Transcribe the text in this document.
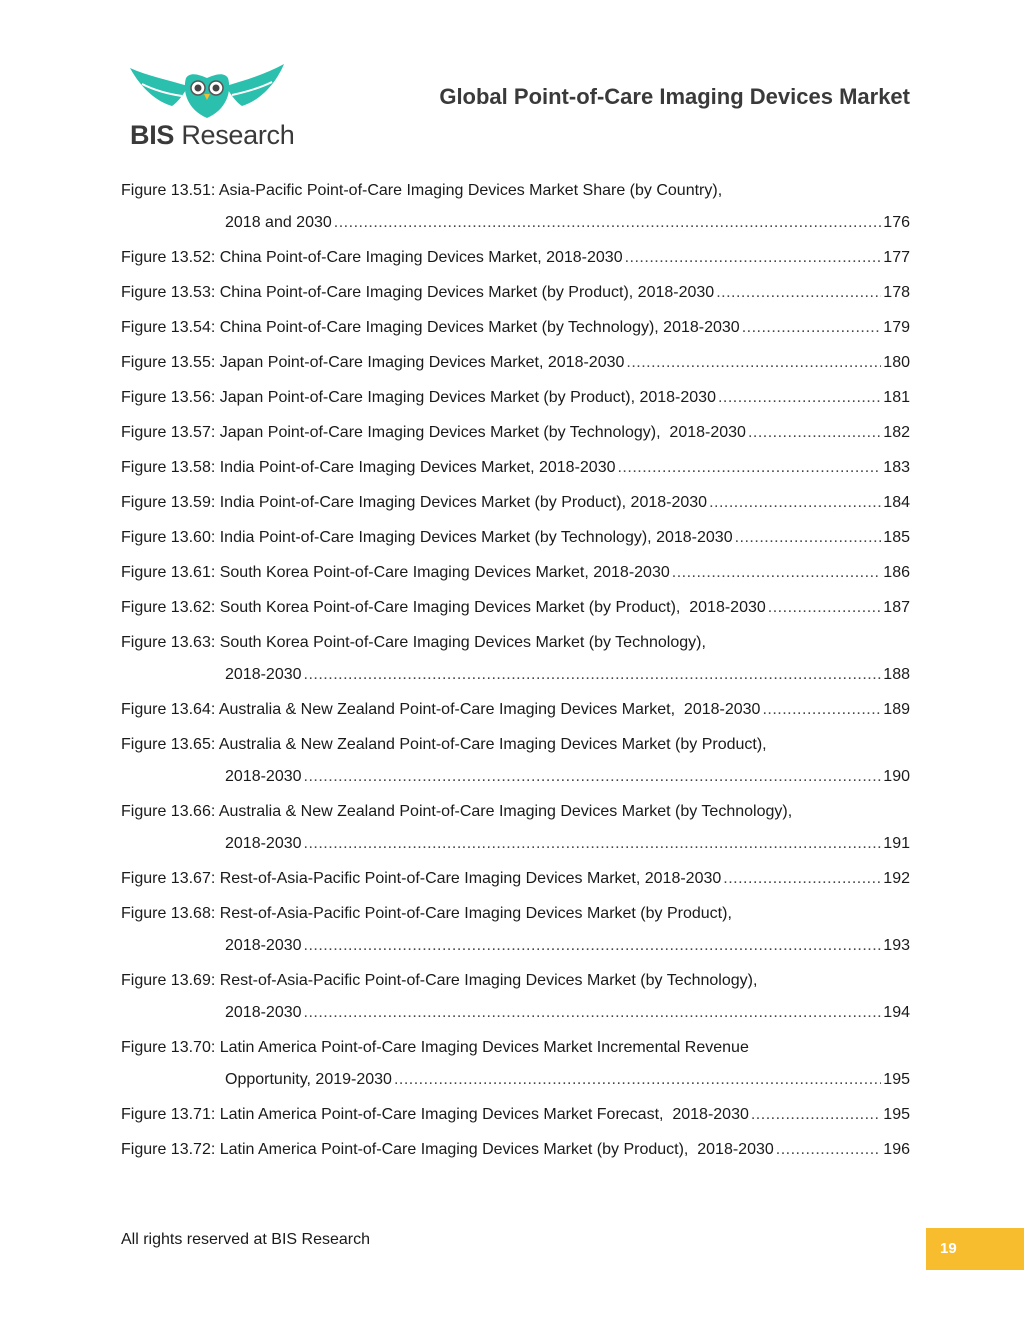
BIS Research
Global Point-of-Care Imaging Devices Market
Figure 13.51: Asia-Pacific Point-of-Care Imaging Devices Market Share (by Country),
2018 and 2030 .....	176
Figure 13.52: China Point-of-Care Imaging Devices Market, 2018-2030 .....	177
Figure 13.53: China Point-of-Care Imaging Devices Market (by Product), 2018-2030 .....	178
Figure 13.54: China Point-of-Care Imaging Devices Market (by Technology), 2018-2030 .....	179
Figure 13.55: Japan Point-of-Care Imaging Devices Market, 2018-2030 .....	180
Figure 13.56: Japan Point-of-Care Imaging Devices Market (by Product), 2018-2030 .....	181
Figure 13.57: Japan Point-of-Care Imaging Devices Market (by Technology),  2018-2030 .....	182
Figure 13.58: India Point-of-Care Imaging Devices Market, 2018-2030 .....	183
Figure 13.59: India Point-of-Care Imaging Devices Market (by Product), 2018-2030 .....	184
Figure 13.60: India Point-of-Care Imaging Devices Market (by Technology), 2018-2030 .....	185
Figure 13.61: South Korea Point-of-Care Imaging Devices Market, 2018-2030 .....	186
Figure 13.62: South Korea Point-of-Care Imaging Devices Market (by Product),  2018-2030 .....	187
Figure 13.63: South Korea Point-of-Care Imaging Devices Market (by Technology),
2018-2030 .....	188
Figure 13.64: Australia & New Zealand Point-of-Care Imaging Devices Market,  2018-2030 .....	189
Figure 13.65: Australia & New Zealand Point-of-Care Imaging Devices Market (by Product),
2018-2030 .....	190
Figure 13.66: Australia & New Zealand Point-of-Care Imaging Devices Market (by Technology),
2018-2030 .....	191
Figure 13.67: Rest-of-Asia-Pacific Point-of-Care Imaging Devices Market, 2018-2030 .....	192
Figure 13.68: Rest-of-Asia-Pacific Point-of-Care Imaging Devices Market (by Product),
2018-2030 .....	193
Figure 13.69: Rest-of-Asia-Pacific Point-of-Care Imaging Devices Market (by Technology),
2018-2030 .....	194
Figure 13.70: Latin America Point-of-Care Imaging Devices Market Incremental Revenue
Opportunity, 2019-2030 .....	195
Figure 13.71: Latin America Point-of-Care Imaging Devices Market Forecast,  2018-2030 .....	195
Figure 13.72: Latin America Point-of-Care Imaging Devices Market (by Product),  2018-2030 .....	196
All rights reserved at BIS Research
19
